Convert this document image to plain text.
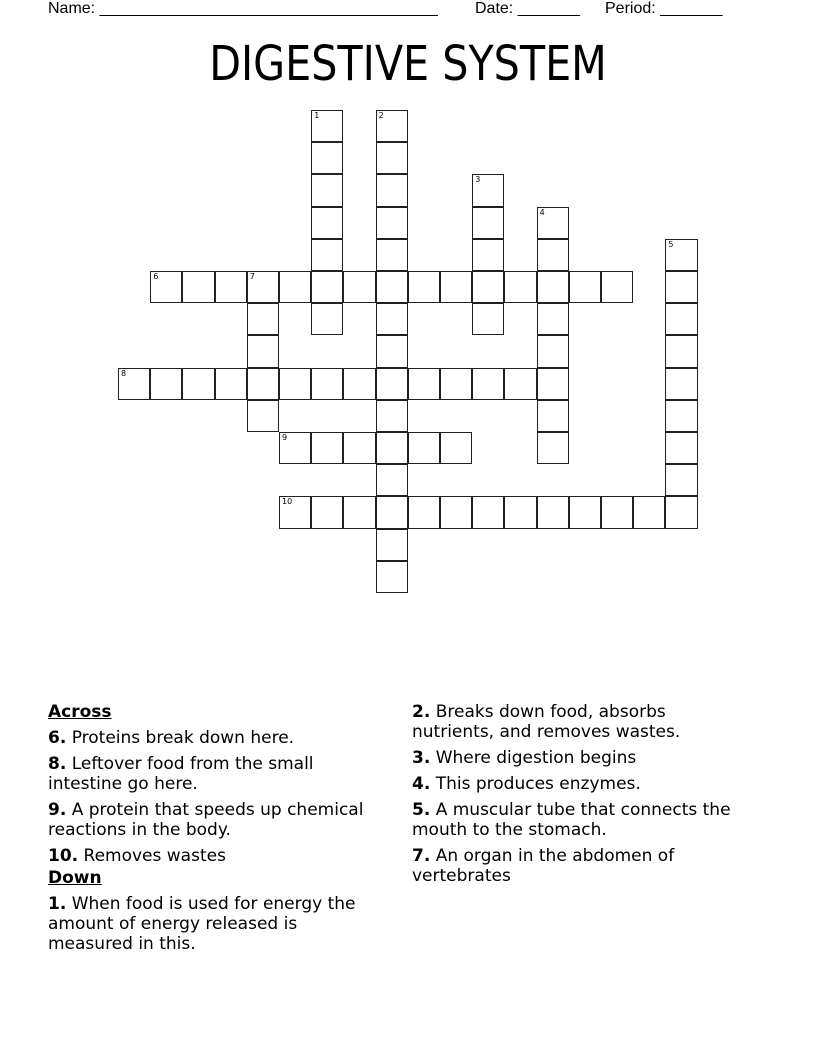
Name: ______________________________________ Date: _______ Period: _______
DIGESTIVE SYSTEM
1	2
3
4
5
6	7
8
9
10
Across
6. Proteins break down here.
8. Leftover food from the small intestine go here.
9. A protein that speeds up chemical reactions in the body.
10. Removes wastes
Down
1. When food is used for energy the amount of energy released is measured in this.
2. Breaks down food, absorbs nutrients, and removes wastes.
3. Where digestion begins
4. This produces enzymes.
5. A muscular tube that connects the mouth to the stomach.
7. An organ in the abdomen of vertebrates
